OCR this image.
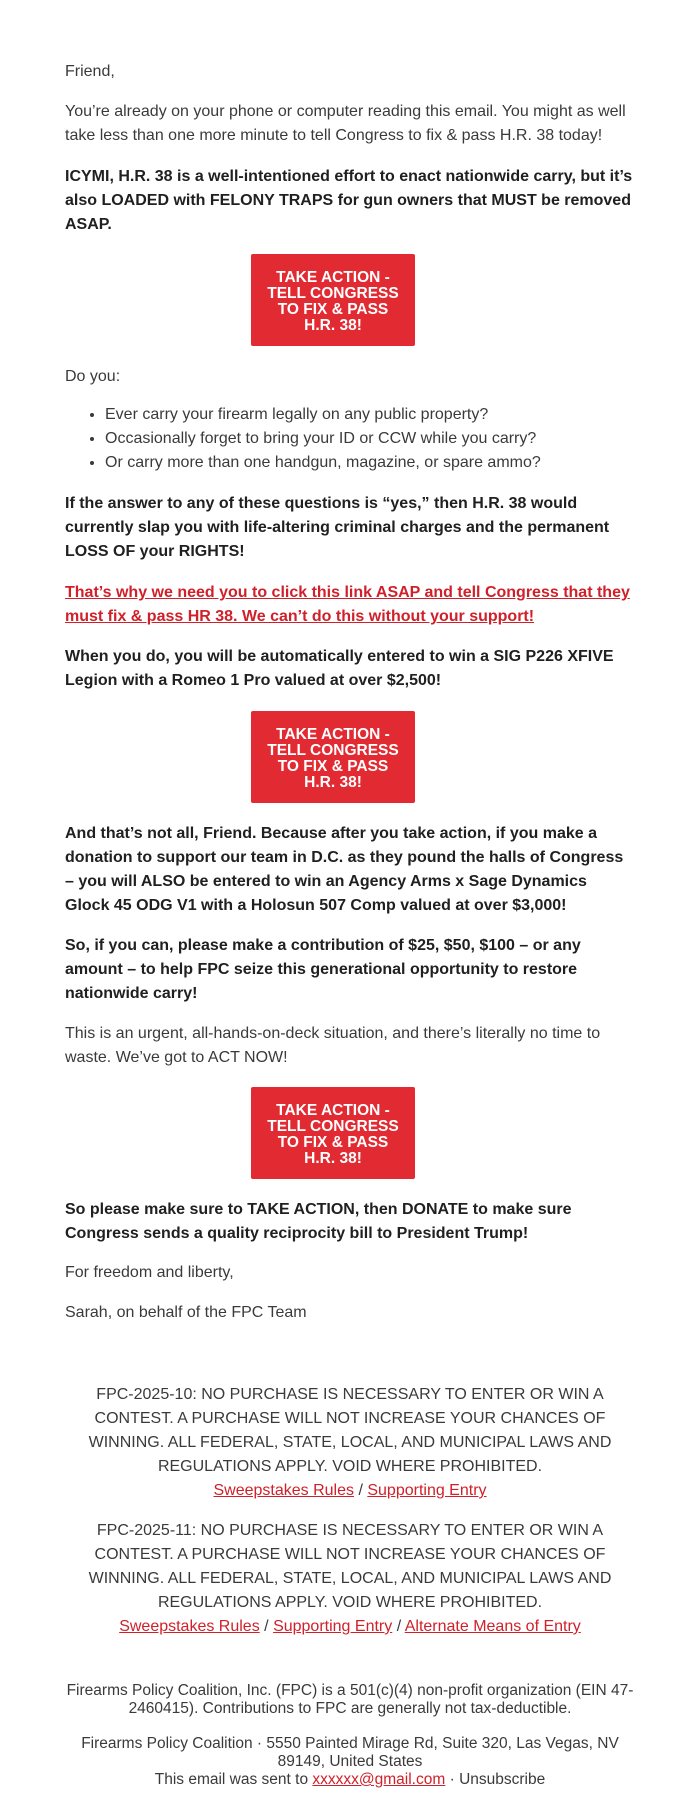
Friend,

You’re already on your phone or computer reading this email. You might as well take less than one more minute to tell Congress to fix & pass H.R. 38 today!

ICYMI, H.R. 38 is a well-intentioned effort to enact nationwide carry, but it’s also LOADED with FELONY TRAPS for gun owners that MUST be removed ASAP.

TAKE ACTION - TELL CONGRESS TO FIX & PASS H.R. 38!

Do you:

• Ever carry your firearm legally on any public property?
• Occasionally forget to bring your ID or CCW while you carry?
• Or carry more than one handgun, magazine, or spare ammo?

If the answer to any of these questions is “yes,” then H.R. 38 would currently slap you with life-altering criminal charges and the permanent LOSS OF your RIGHTS!

That’s why we need you to click this link ASAP and tell Congress that they must fix & pass HR 38. We can’t do this without your support!

When you do, you will be automatically entered to win a SIG P226 XFIVE Legion with a Romeo 1 Pro valued at over $2,500!

TAKE ACTION - TELL CONGRESS TO FIX & PASS H.R. 38!

And that’s not all, Friend. Because after you take action, if you make a donation to support our team in D.C. as they pound the halls of Congress – you will ALSO be entered to win an Agency Arms x Sage Dynamics Glock 45 ODG V1 with a Holosun 507 Comp valued at over $3,000!

So, if you can, please make a contribution of $25, $50, $100 – or any amount – to help FPC seize this generational opportunity to restore nationwide carry!

This is an urgent, all-hands-on-deck situation, and there’s literally no time to waste. We’ve got to ACT NOW!

TAKE ACTION - TELL CONGRESS TO FIX & PASS H.R. 38!

So please make sure to TAKE ACTION, then DONATE to make sure Congress sends a quality reciprocity bill to President Trump!

For freedom and liberty,

Sarah, on behalf of the FPC Team

FPC-2025-10: NO PURCHASE IS NECESSARY TO ENTER OR WIN A CONTEST. A PURCHASE WILL NOT INCREASE YOUR CHANCES OF WINNING. ALL FEDERAL, STATE, LOCAL, AND MUNICIPAL LAWS AND REGULATIONS APPLY. VOID WHERE PROHIBITED.
Sweepstakes Rules / Supporting Entry
FPC-2025-11: NO PURCHASE IS NECESSARY TO ENTER OR WIN A CONTEST. A PURCHASE WILL NOT INCREASE YOUR CHANCES OF WINNING. ALL FEDERAL, STATE, LOCAL, AND MUNICIPAL LAWS AND REGULATIONS APPLY. VOID WHERE PROHIBITED.
Sweepstakes Rules / Supporting Entry / Alternate Means of Entry
Firearms Policy Coalition, Inc. (FPC) is a 501(c)(4) non-profit organization (EIN 47-2460415). Contributions to FPC are generally not tax-deductible.
Firearms Policy Coalition · 5550 Painted Mirage Rd, Suite 320, Las Vegas, NV 89149, United States
This email was sent to xxxxxx@gmail.com · Unsubscribe
